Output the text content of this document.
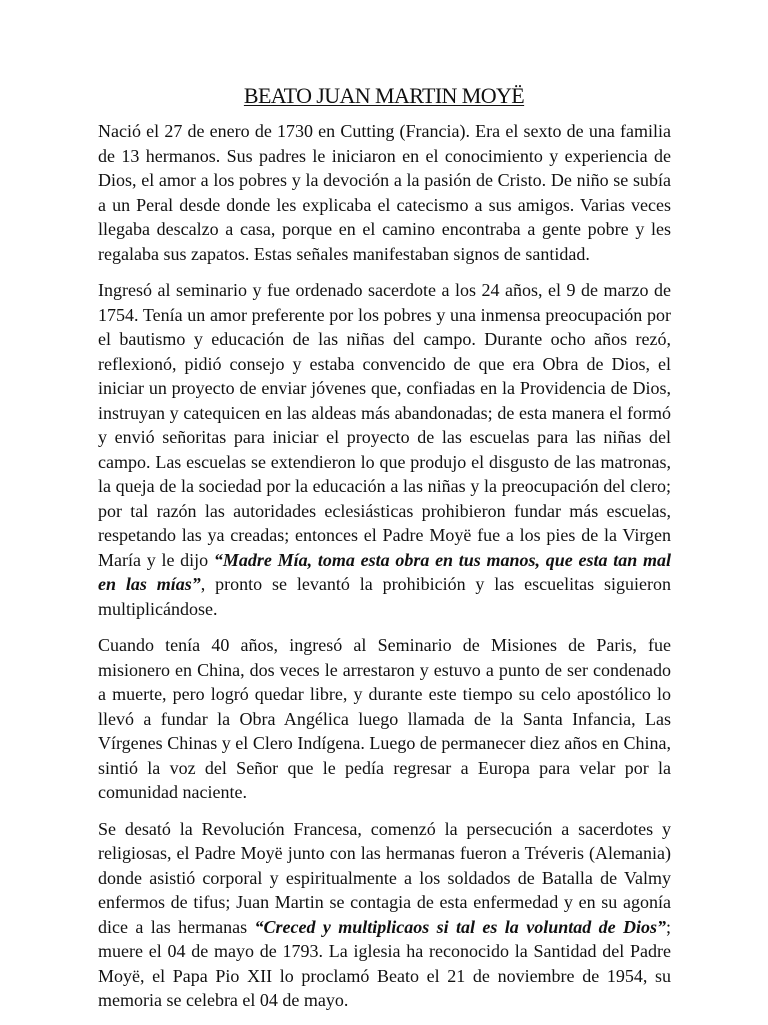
BEATO JUAN MARTIN MOYË

Nació el 27 de enero de 1730 en Cutting (Francia). Era el sexto de una familia de 13 hermanos. Sus padres le iniciaron en el conocimiento y experiencia de Dios, el amor a los pobres y la devoción a la pasión de Cristo. De niño se subía a un Peral desde donde les explicaba el catecismo a sus amigos. Varias veces llegaba descalzo a casa, porque en el camino encontraba a gente pobre y les regalaba sus zapatos. Estas señales manifestaban signos de santidad.

Ingresó al seminario y fue ordenado sacerdote a los 24 años, el 9 de marzo de 1754. Tenía un amor preferente por los pobres y una inmensa preocupación por el bautismo y educación de las niñas del campo. Durante ocho años rezó, reflexionó, pidió consejo y estaba convencido de que era Obra de Dios, el iniciar un proyecto de enviar jóvenes que, confiadas en la Providencia de Dios, instruyan y catequicen en las aldeas más abandonadas; de esta manera el formó y envió señoritas para iniciar el proyecto de las escuelas para las niñas del campo. Las escuelas se extendieron lo que produjo el disgusto de las matronas, la queja de la sociedad por la educación a las niñas y la preocupación del clero; por tal razón las autoridades eclesiásticas prohibieron fundar más escuelas, respetando las ya creadas; entonces el Padre Moyë fue a los pies de la Virgen María y le dijo “Madre Mía, toma esta obra en tus manos, que esta tan mal en las mías”, pronto se levantó la prohibición y las escuelitas siguieron multiplicándose.

Cuando tenía 40 años, ingresó al Seminario de Misiones de Paris, fue misionero en China, dos veces le arrestaron y estuvo a punto de ser condenado a muerte, pero logró quedar libre, y durante este tiempo su celo apostólico lo llevó a fundar la Obra Angélica luego llamada de la Santa Infancia, Las Vírgenes Chinas y el Clero Indígena. Luego de permanecer diez años en China, sintió la voz del Señor que le pedía regresar a Europa para velar por la comunidad naciente.

Se desató la Revolución Francesa, comenzó la persecución a sacerdotes y religiosas, el Padre Moyë junto con las hermanas fueron a Tréveris (Alemania) donde asistió corporal y espiritualmente a los soldados de Batalla de Valmy enfermos de tifus; Juan Martin se contagia de esta enfermedad y en su agonía dice a las hermanas “Creced y multiplicaos si tal es la voluntad de Dios”; muere el 04 de mayo de 1793. La iglesia ha reconocido la Santidad del Padre Moyë, el Papa Pio XII lo proclamó Beato el 21 de noviembre de 1954, su memoria se celebra el 04 de mayo.
